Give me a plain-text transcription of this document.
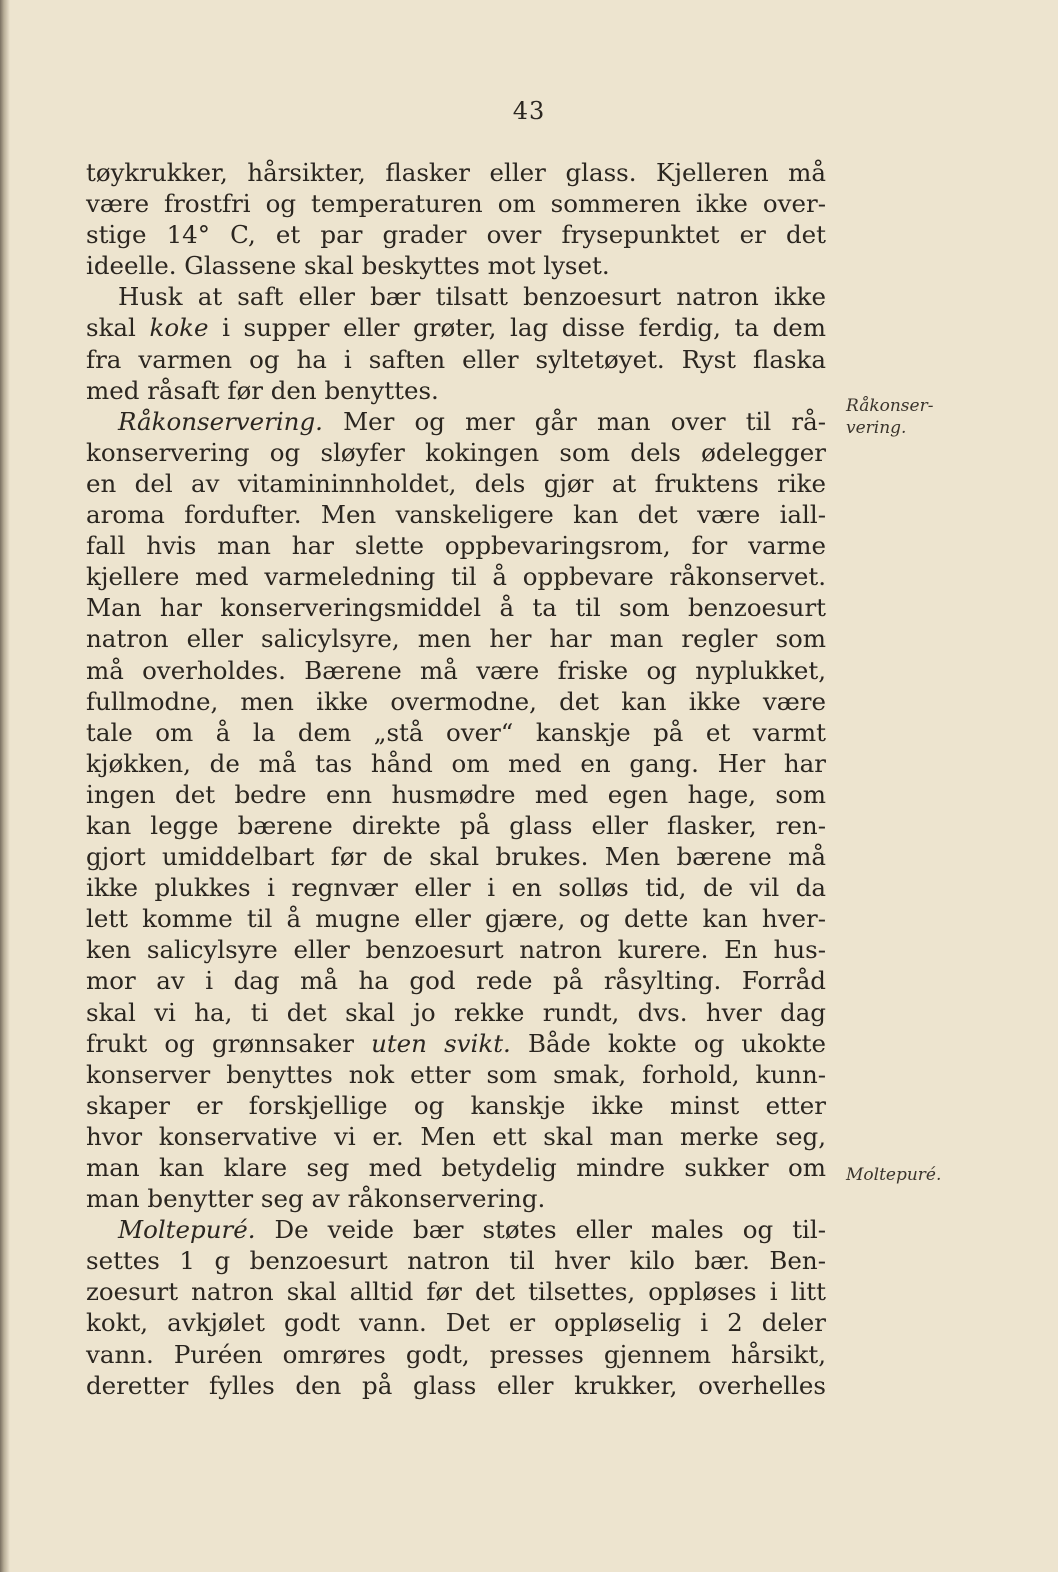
43
tøykrukker, hårsikter, flasker eller glass. Kjelleren må
være frostfri og temperaturen om sommeren ikke over-
stige 14° C, et par grader over frysepunktet er det
ideelle. Glassene skal beskyttes mot lyset.
Husk at saft eller bær tilsatt benzoesurt natron ikke
skal koke i supper eller grøter, lag disse ferdig, ta dem
fra varmen og ha i saften eller syltetøyet. Ryst flaska
med råsaft før den benyttes.
Råkonservering. Mer og mer går man over til rå-
konservering og sløyfer kokingen som dels ødelegger
en del av vitamininnholdet, dels gjør at fruktens rike
aroma fordufter. Men vanskeligere kan det være iall-
fall hvis man har slette oppbevaringsrom, for varme
kjellere med varmeledning til å oppbevare råkonservet.
Man har konserveringsmiddel å ta til som benzoesurt
natron eller salicylsyre, men her har man regler som
må overholdes. Bærene må være friske og nyplukket,
fullmodne, men ikke overmodne, det kan ikke være
tale om å la dem „stå over“ kanskje på et varmt
kjøkken, de må tas hånd om med en gang. Her har
ingen det bedre enn husmødre med egen hage, som
kan legge bærene direkte på glass eller flasker, ren-
gjort umiddelbart før de skal brukes. Men bærene må
ikke plukkes i regnvær eller i en solløs tid, de vil da
lett komme til å mugne eller gjære, og dette kan hver-
ken salicylsyre eller benzoesurt natron kurere. En hus-
mor av i dag må ha god rede på råsylting. Forråd
skal vi ha, ti det skal jo rekke rundt, dvs. hver dag
frukt og grønnsaker uten svikt. Både kokte og ukokte
konserver benyttes nok etter som smak, forhold, kunn-
skaper er forskjellige og kanskje ikke minst etter
hvor konservative vi er. Men ett skal man merke seg,
man kan klare seg med betydelig mindre sukker om
man benytter seg av råkonservering.
Moltepuré. De veide bær støtes eller males og til-
settes 1 g benzoesurt natron til hver kilo bær. Ben-
zoesurt natron skal alltid før det tilsettes, oppløses i litt
kokt, avkjølet godt vann. Det er oppløselig i 2 deler
vann. Puréen omrøres godt, presses gjennem hårsikt,
deretter fylles den på glass eller krukker, overhelles
Råkonser-
vering.
Moltepuré.
